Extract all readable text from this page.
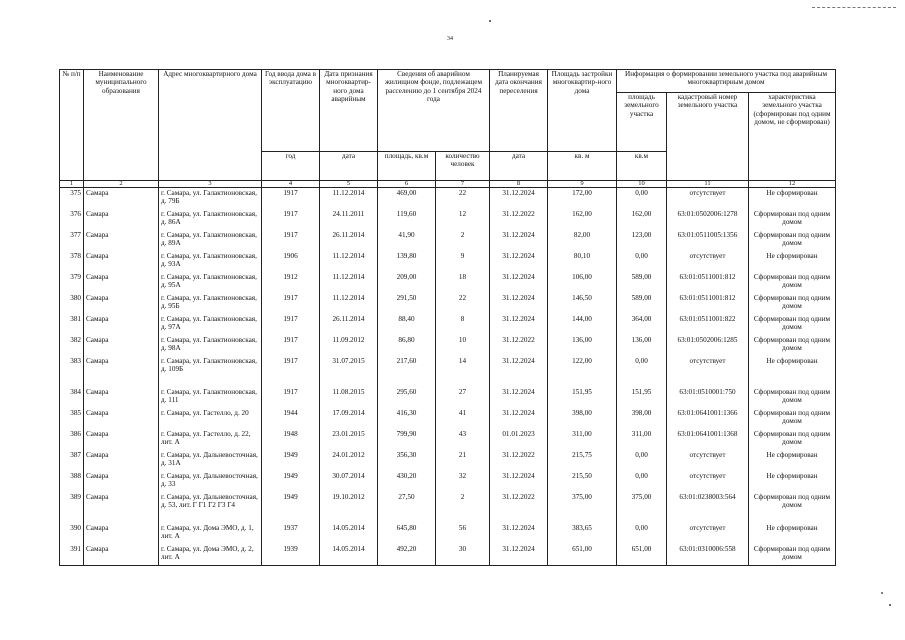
34
№ п/п	Наименование муниципального образования	Адрес многоквартирного дома	Год ввода дома в эксплуатацию	Дата признания многоквартир-ного дома аварийным	Сведения об аварийном жилищном фонде, подлежащем расселению до 1 сентября 2024 года		Планируемая дата окончания переселения	Площадь застройки многоквартир-ного дома	Информация о формировании земельного участка под аварийным многоквартирным домом		
									площадь земельного участка	кадастровый номер земельного участка	характеристика земельного участка (сформирован под одним домом, не сформирован)
			год	дата	площадь, кв.м	количество человек	дата	кв. м	кв.м		
1	2	3	4	5	6	7	8	9	10	11	12
375	Самара	г. Самара, ул. Галактионовская, д. 79Б	1917	11.12.2014	469,00	22	31.12.2024	172,00	0,00	отсутствует	Не сформирован
376	Самара	г. Самара, ул. Галактионовская, д. 86А	1917	24.11.2011	119,60	12	31.12.2022	162,00	162,00	63:01:0502006:1278	Сформирован под одним домом
377	Самара	г. Самара, ул. Галактионовская, д. 89А	1917	26.11.2014	41,90	2	31.12.2024	82,00	123,00	63:01:0511005:1356	Сформирован под одним домом
378	Самара	г. Самара, ул. Галактионовская, д. 93А	1906	11.12.2014	139,80	9	31.12.2024	80,10	0,00	отсутствует	Не сформирован
379	Самара	г. Самара, ул. Галактионовская, д. 95А	1912	11.12.2014	209,00	18	31.12.2024	106,00	589,00	63:01:0511001:812	Сформирован под одним домом
380	Самара	г. Самара, ул. Галактионовская, д. 95Б	1917	11.12.2014	291,50	22	31.12.2024	146,50	589,00	63:01:0511001:812	Сформирован под одним домом
381	Самара	г. Самара, ул. Галактионовская, д. 97А	1917	26.11.2014	88,40	8	31.12.2024	144,00	364,00	63:01:0511001:822	Сформирован под одним домом
382	Самара	г. Самара, ул. Галактионовская, д. 98А	1917	11.09.2012	86,80	10	31.12.2022	136,00	136,00	63:01:0502006:1285	Сформирован под одним домом
383	Самара	г. Самара, ул. Галактионовская, д. 109Б	1917	31.07.2015	217,60	14	31.12.2024	122,00	0,00	отсутствует	Не сформирован
384	Самара	г. Самара, ул. Галактионовская, д. 111	1917	11.08.2015	295,60	27	31.12.2024	151,95	151,95	63:01:0510001:750	Сформирован под одним домом
385	Самара	г. Самара, ул. Гастелло, д. 20	1944	17.09.2014	416,30	41	31.12.2024	398,00	398,00	63:01:0641001:1366	Сформирован под одним домом
386	Самара	г. Самара, ул. Гастелло, д. 22, лит. А	1948	23.01.2015	799,90	43	01.01.2023	311,00	311,00	63:01:0641001:1368	Сформирован под одним домом
387	Самара	г. Самара, ул. Дальневосточная, д. 31А	1949	24.01.2012	356,30	21	31.12.2022	215,75	0,00	отсутствует	Не сформирован
388	Самара	г. Самара, ул. Дальневосточная, д. 33	1949	30.07.2014	430,20	32	31.12.2024	215,50	0,00	отсутствует	Не сформирован
389	Самара	г. Самара, ул. Дальневосточная, д. 53, лит. Г Г1 Г2 Г3 Г4	1949	19.10.2012	27,50	2	31.12.2022	375,00	375,00	63:01:0238003:564	Сформирован под одним домом
390	Самара	г. Самара, ул. Дома ЭМО, д. 1, лит. А	1937	14.05.2014	645,80	56	31.12.2024	383,65	0,00	отсутствует	Не сформирован
391	Самара	г. Самара, ул. Дома ЭМО, д. 2, лит. А	1939	14.05.2014	492,20	30	31.12.2024	651,00	651,00	63:01:0310006:558	Сформирован под одним домом
